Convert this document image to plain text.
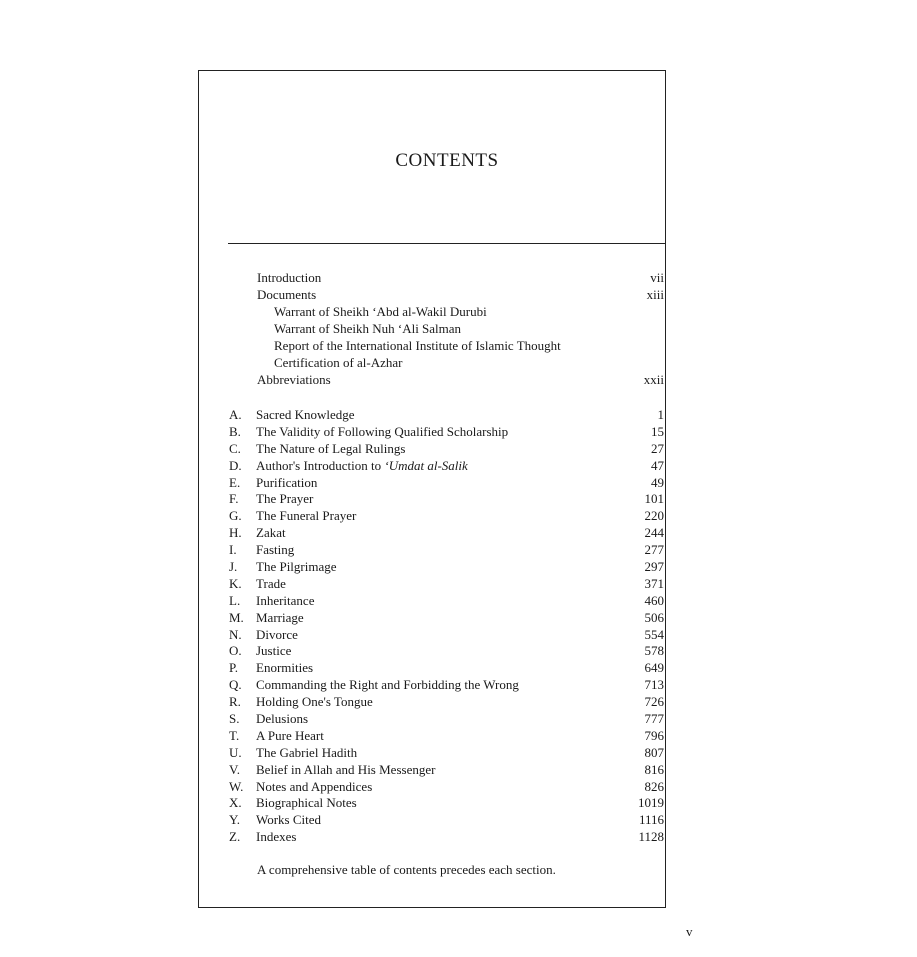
CONTENTS
Introduction	vii
Documents	xiii
Warrant of Sheikh ‘Abd al-Wakil Durubi
Warrant of Sheikh Nuh ‘Ali Salman
Report of the International Institute of Islamic Thought
Certification of al-Azhar
Abbreviations	xxii
A.	Sacred Knowledge	1
B.	The Validity of Following Qualified Scholarship	15
C.	The Nature of Legal Rulings	27
D.	Author's Introduction to ‘Umdat al-Salik	47
E.	Purification	49
F.	The Prayer	101
G.	The Funeral Prayer	220
H.	Zakat	244
I.	Fasting	277
J.	The Pilgrimage	297
K.	Trade	371
L.	Inheritance	460
M. Marriage	506
N.	Divorce	554
O.	Justice	578
P.	Enormities	649
Q.	Commanding the Right and Forbidding the Wrong	713
R.	Holding One's Tongue	726
S.	Delusions	777
T.	A Pure Heart	796
U.	The Gabriel Hadith	807
V.	Belief in Allah and His Messenger	816
W. Notes and Appendices	826
X.	Biographical Notes	1019
Y.	Works Cited	1116
Z.	Indexes	1128
A comprehensive table of contents precedes each section.
v
